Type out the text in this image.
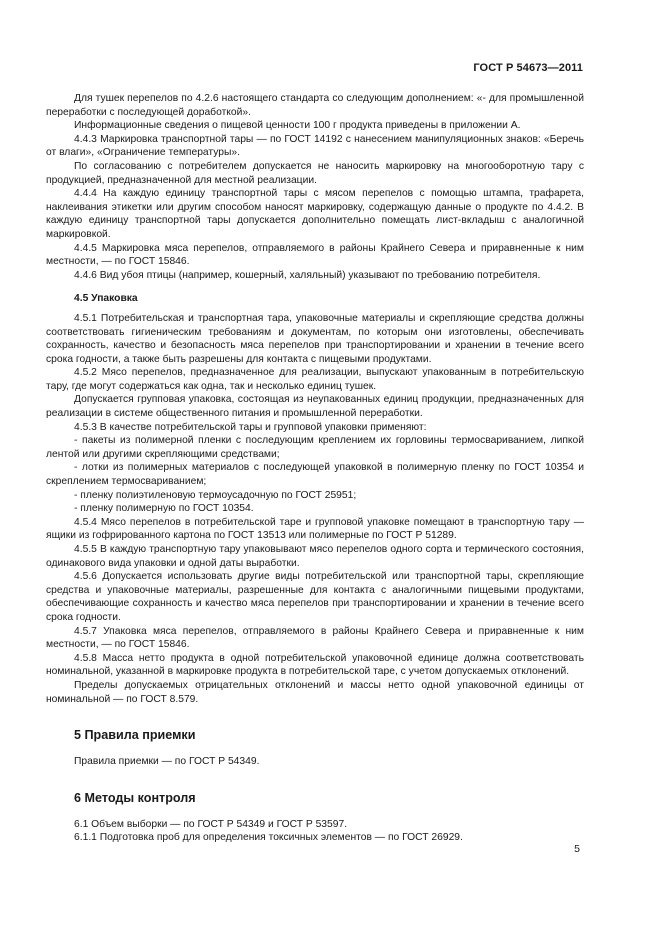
ГОСТ Р 54673—2011

Для тушек перепелов по 4.2.6 настоящего стандарта со следующим дополнением: «- для промышленной переработки с последующей доработкой».

Информационные сведения о пищевой ценности 100 г продукта приведены в приложении А.

4.4.3 Маркировка транспортной тары — по ГОСТ 14192 с нанесением манипуляционных знаков: «Беречь от влаги», «Ограничение температуры».

По согласованию с потребителем допускается не наносить маркировку на многооборотную тару с продукцией, предназначенной для местной реализации.

4.4.4 На каждую единицу транспортной тары с мясом перепелов с помощью штампа, трафарета, наклеивания этикетки или другим способом наносят маркировку, содержащую данные о продукте по 4.4.2. В каждую единицу транспортной тары допускается дополнительно помещать лист-вкладыш с аналогичной маркировкой.

4.4.5 Маркировка мяса перепелов, отправляемого в районы Крайнего Севера и приравненные к ним местности, — по ГОСТ 15846.

4.4.6 Вид убоя птицы (например, кошерный, халяльный) указывают по требованию потребителя.

4.5 Упаковка

4.5.1 Потребительская и транспортная тара, упаковочные материалы и скрепляющие средства должны соответствовать гигиеническим требованиям и документам, по которым они изготовлены, обеспечивать сохранность, качество и безопасность мяса перепелов при транспортировании и хранении в течение всего срока годности, а также быть разрешены для контакта с пищевыми продуктами.

4.5.2 Мясо перепелов, предназначенное для реализации, выпускают упакованным в потребительскую тару, где могут содержаться как одна, так и несколько единиц тушек.

Допускается групповая упаковка, состоящая из неупакованных единиц продукции, предназначенных для реализации в системе общественного питания и промышленной переработки.

4.5.3 В качестве потребительской тары и групповой упаковки применяют:

- пакеты из полимерной пленки с последующим креплением их горловины термосвариванием, липкой лентой или другими скрепляющими средствами;

- лотки из полимерных материалов с последующей упаковкой в полимерную пленку по ГОСТ 10354 и скреплением термосвариванием;

- пленку полиэтиленовую термоусадочную по ГОСТ 25951;

- пленку полимерную по ГОСТ 10354.

4.5.4 Мясо перепелов в потребительской таре и групповой упаковке помещают в транспортную тару — ящики из гофрированного картона по ГОСТ 13513 или полимерные по ГОСТ Р 51289.

4.5.5 В каждую транспортную тару упаковывают мясо перепелов одного сорта и термического состояния, одинакового вида упаковки и одной даты выработки.

4.5.6 Допускается использовать другие виды потребительской или транспортной тары, скрепляющие средства и упаковочные материалы, разрешенные для контакта с аналогичными пищевыми продуктами, обеспечивающие сохранность и качество мяса перепелов при транспортировании и хранении в течение всего срока годности.

4.5.7 Упаковка мяса перепелов, отправляемого в районы Крайнего Севера и приравненные к ним местности, — по ГОСТ 15846.

4.5.8 Масса нетто продукта в одной потребительской упаковочной единице должна соответствовать номинальной, указанной в маркировке продукта в потребительской таре, с учетом допускаемых отклонений.

Пределы допускаемых отрицательных отклонений и массы нетто одной упаковочной единицы от номинальной — по ГОСТ 8.579.

5 Правила приемки

Правила приемки — по ГОСТ Р 54349.

6 Методы контроля

6.1 Объем выборки — по ГОСТ Р 54349 и ГОСТ Р 53597.

6.1.1 Подготовка проб для определения токсичных элементов — по ГОСТ 26929.

5
